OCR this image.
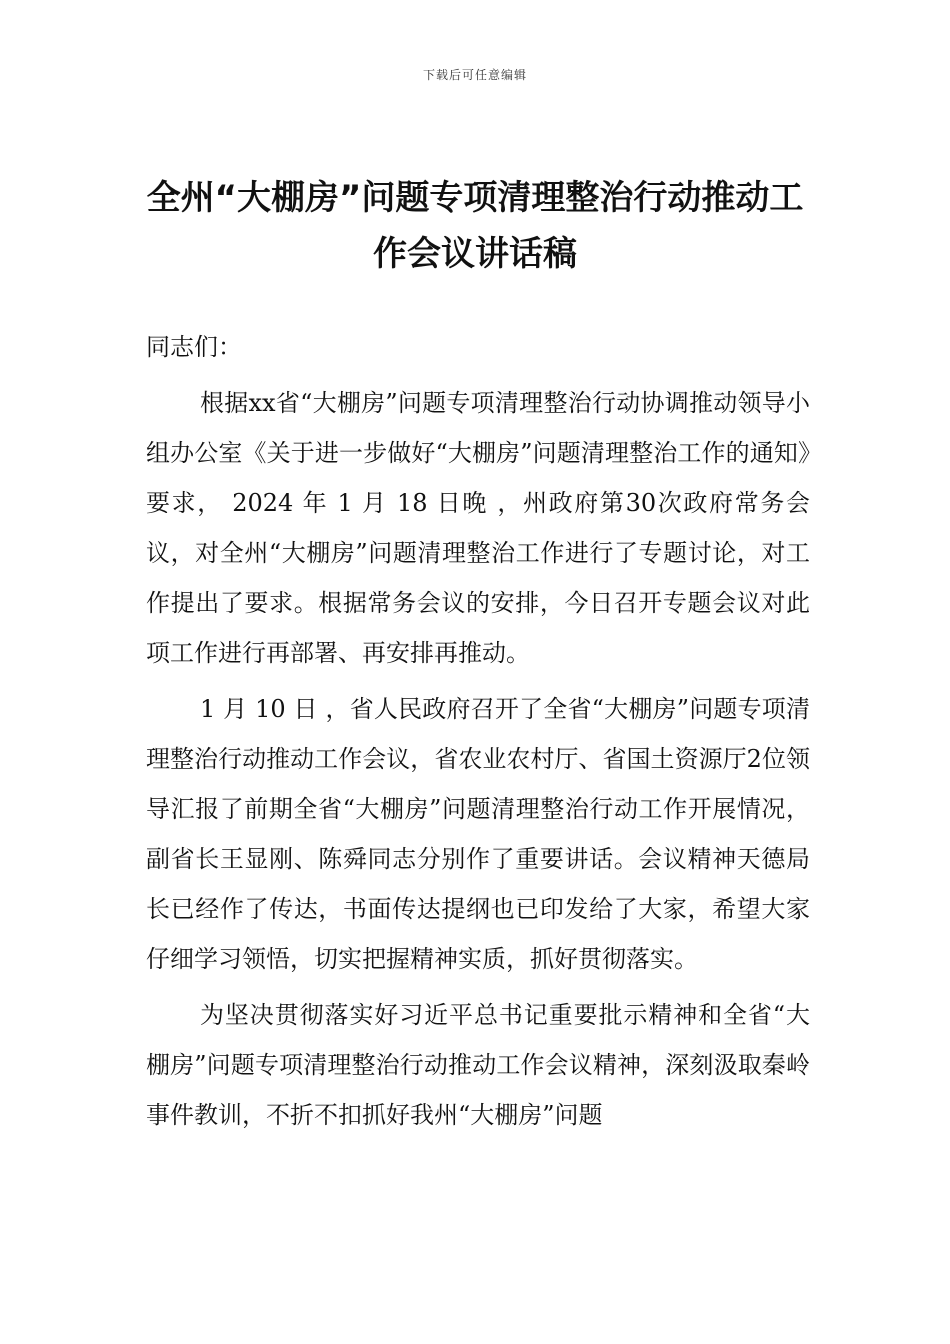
下载后可任意编辑
全州“大棚房”问题专项清理整治行动推动工作会议讲话稿

同志们：

根据xx省“大棚房”问题专项清理整治行动协调推动领导小组办公室《关于进一步做好“大棚房”问题清理整治工作的通知》要求， 2024 年 1 月 18 日晚 ，州政府第30次政府常务会议，对全州“大棚房”问题清理整治工作进行了专题讨论，对工作提出了要求。根据常务会议的安排，今日召开专题会议对此项工作进行再部署、再安排再推动。

1 月 10 日 ，省人民政府召开了全省“大棚房”问题专项清理整治行动推动工作会议，省农业农村厅、省国土资源厅2位领导汇报了前期全省“大棚房”问题清理整治行动工作开展情况，副省长王显刚、陈舜同志分别作了重要讲话。会议精神天德局长已经作了传达，书面传达提纲也已印发给了大家，希望大家仔细学习领悟，切实把握精神实质，抓好贯彻落实。

为坚决贯彻落实好习近平总书记重要批示精神和全省“大棚房”问题专项清理整治行动推动工作会议精神，深刻汲取秦岭事件教训，不折不扣抓好我州“大棚房”问题
